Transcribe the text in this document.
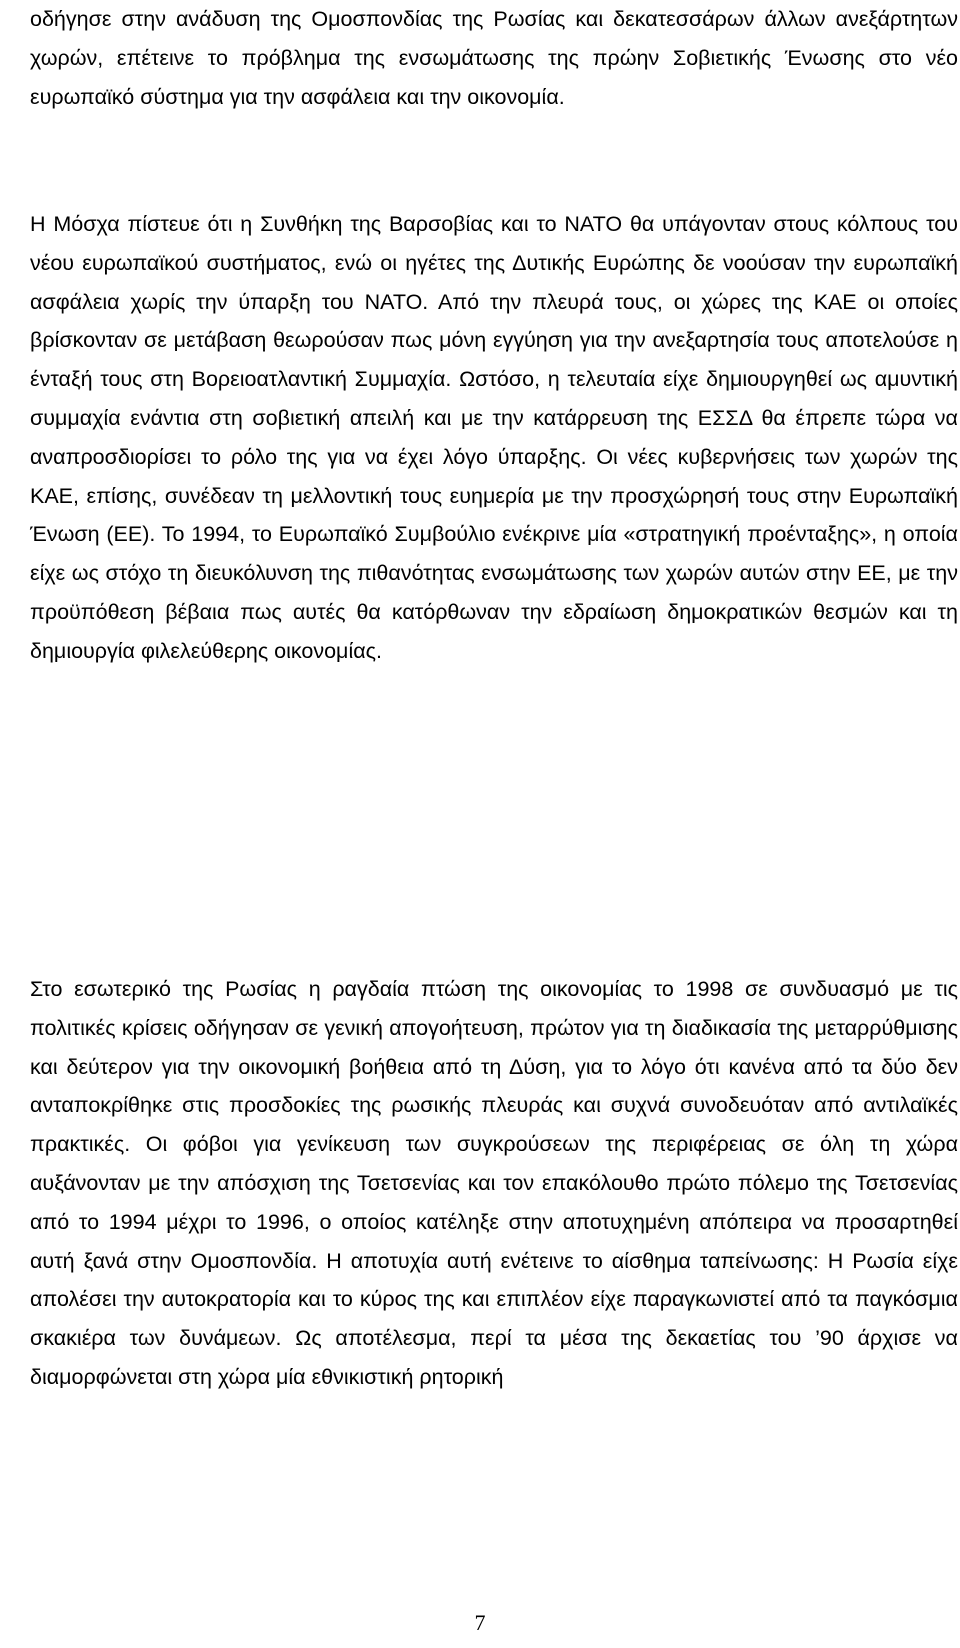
οδήγησε στην ανάδυση της Ομοσπονδίας της Ρωσίας και δεκατεσσάρων άλλων ανεξάρτητων χωρών, επέτεινε το πρόβλημα της ενσωμάτωσης της πρώην Σοβιετικής Ένωσης στο νέο ευρωπαϊκό σύστημα για την ασφάλεια και την οικονομία.

Η Μόσχα πίστευε ότι η Συνθήκη της Βαρσοβίας και το ΝΑΤΟ θα υπάγονταν στους κόλπους του νέου ευρωπαϊκού συστήματος, ενώ οι ηγέτες της Δυτικής Ευρώπης δε νοούσαν την ευρωπαϊκή ασφάλεια χωρίς την ύπαρξη του ΝΑΤΟ. Από την πλευρά τους, οι χώρες της ΚΑΕ οι οποίες βρίσκονταν σε μετάβαση θεωρούσαν πως μόνη εγγύηση για την ανεξαρτησία τους αποτελούσε η ένταξή τους στη Βορειοατλαντική Συμμαχία. Ωστόσο, η τελευταία είχε δημιουργηθεί ως αμυντική συμμαχία ενάντια στη σοβιετική απειλή και με την κατάρρευση της ΕΣΣΔ θα έπρεπε τώρα να αναπροσδιορίσει το ρόλο της για να έχει λόγο ύπαρξης. Οι νέες κυβερνήσεις των χωρών της ΚΑΕ, επίσης, συνέδεαν τη μελλοντική τους ευημερία με την προσχώρησή τους στην Ευρωπαϊκή Ένωση (ΕΕ). Το 1994, το Ευρωπαϊκό Συμβούλιο ενέκρινε μία «στρατηγική προένταξης», η οποία είχε ως στόχο τη διευκόλυνση της πιθανότητας ενσωμάτωσης των χωρών αυτών στην ΕΕ, με την προϋπόθεση βέβαια πως αυτές θα κατόρθωναν την εδραίωση δημοκρατικών θεσμών και τη δημιουργία φιλελεύθερης οικονομίας.

Στο εσωτερικό της Ρωσίας η ραγδαία πτώση της οικονομίας το 1998 σε συνδυασμό με τις πολιτικές κρίσεις οδήγησαν σε γενική απογοήτευση, πρώτον για τη διαδικασία της μεταρρύθμισης και δεύτερον για την οικονομική βοήθεια από τη Δύση, για το λόγο ότι κανένα από τα δύο δεν ανταποκρίθηκε στις προσδοκίες της ρωσικής πλευράς και συχνά συνοδευόταν από αντιλαϊκές πρακτικές. Οι φόβοι για γενίκευση των συγκρούσεων της περιφέρειας σε όλη τη χώρα αυξάνονταν με την απόσχιση της Τσετσενίας και τον επακόλουθο πρώτο πόλεμο της Τσετσενίας από το 1994 μέχρι το 1996, ο οποίος κατέληξε στην αποτυχημένη απόπειρα να προσαρτηθεί αυτή ξανά στην Ομοσπονδία. Η αποτυχία αυτή ενέτεινε το αίσθημα ταπείνωσης: Η Ρωσία είχε απολέσει την αυτοκρατορία και το κύρος της και επιπλέον είχε παραγκωνιστεί από τα παγκόσμια σκακιέρα των δυνάμεων. Ως αποτέλεσμα, περί τα μέσα της δεκαετίας του ’90 άρχισε να διαμορφώνεται στη χώρα μία εθνικιστική ρητορική

7
